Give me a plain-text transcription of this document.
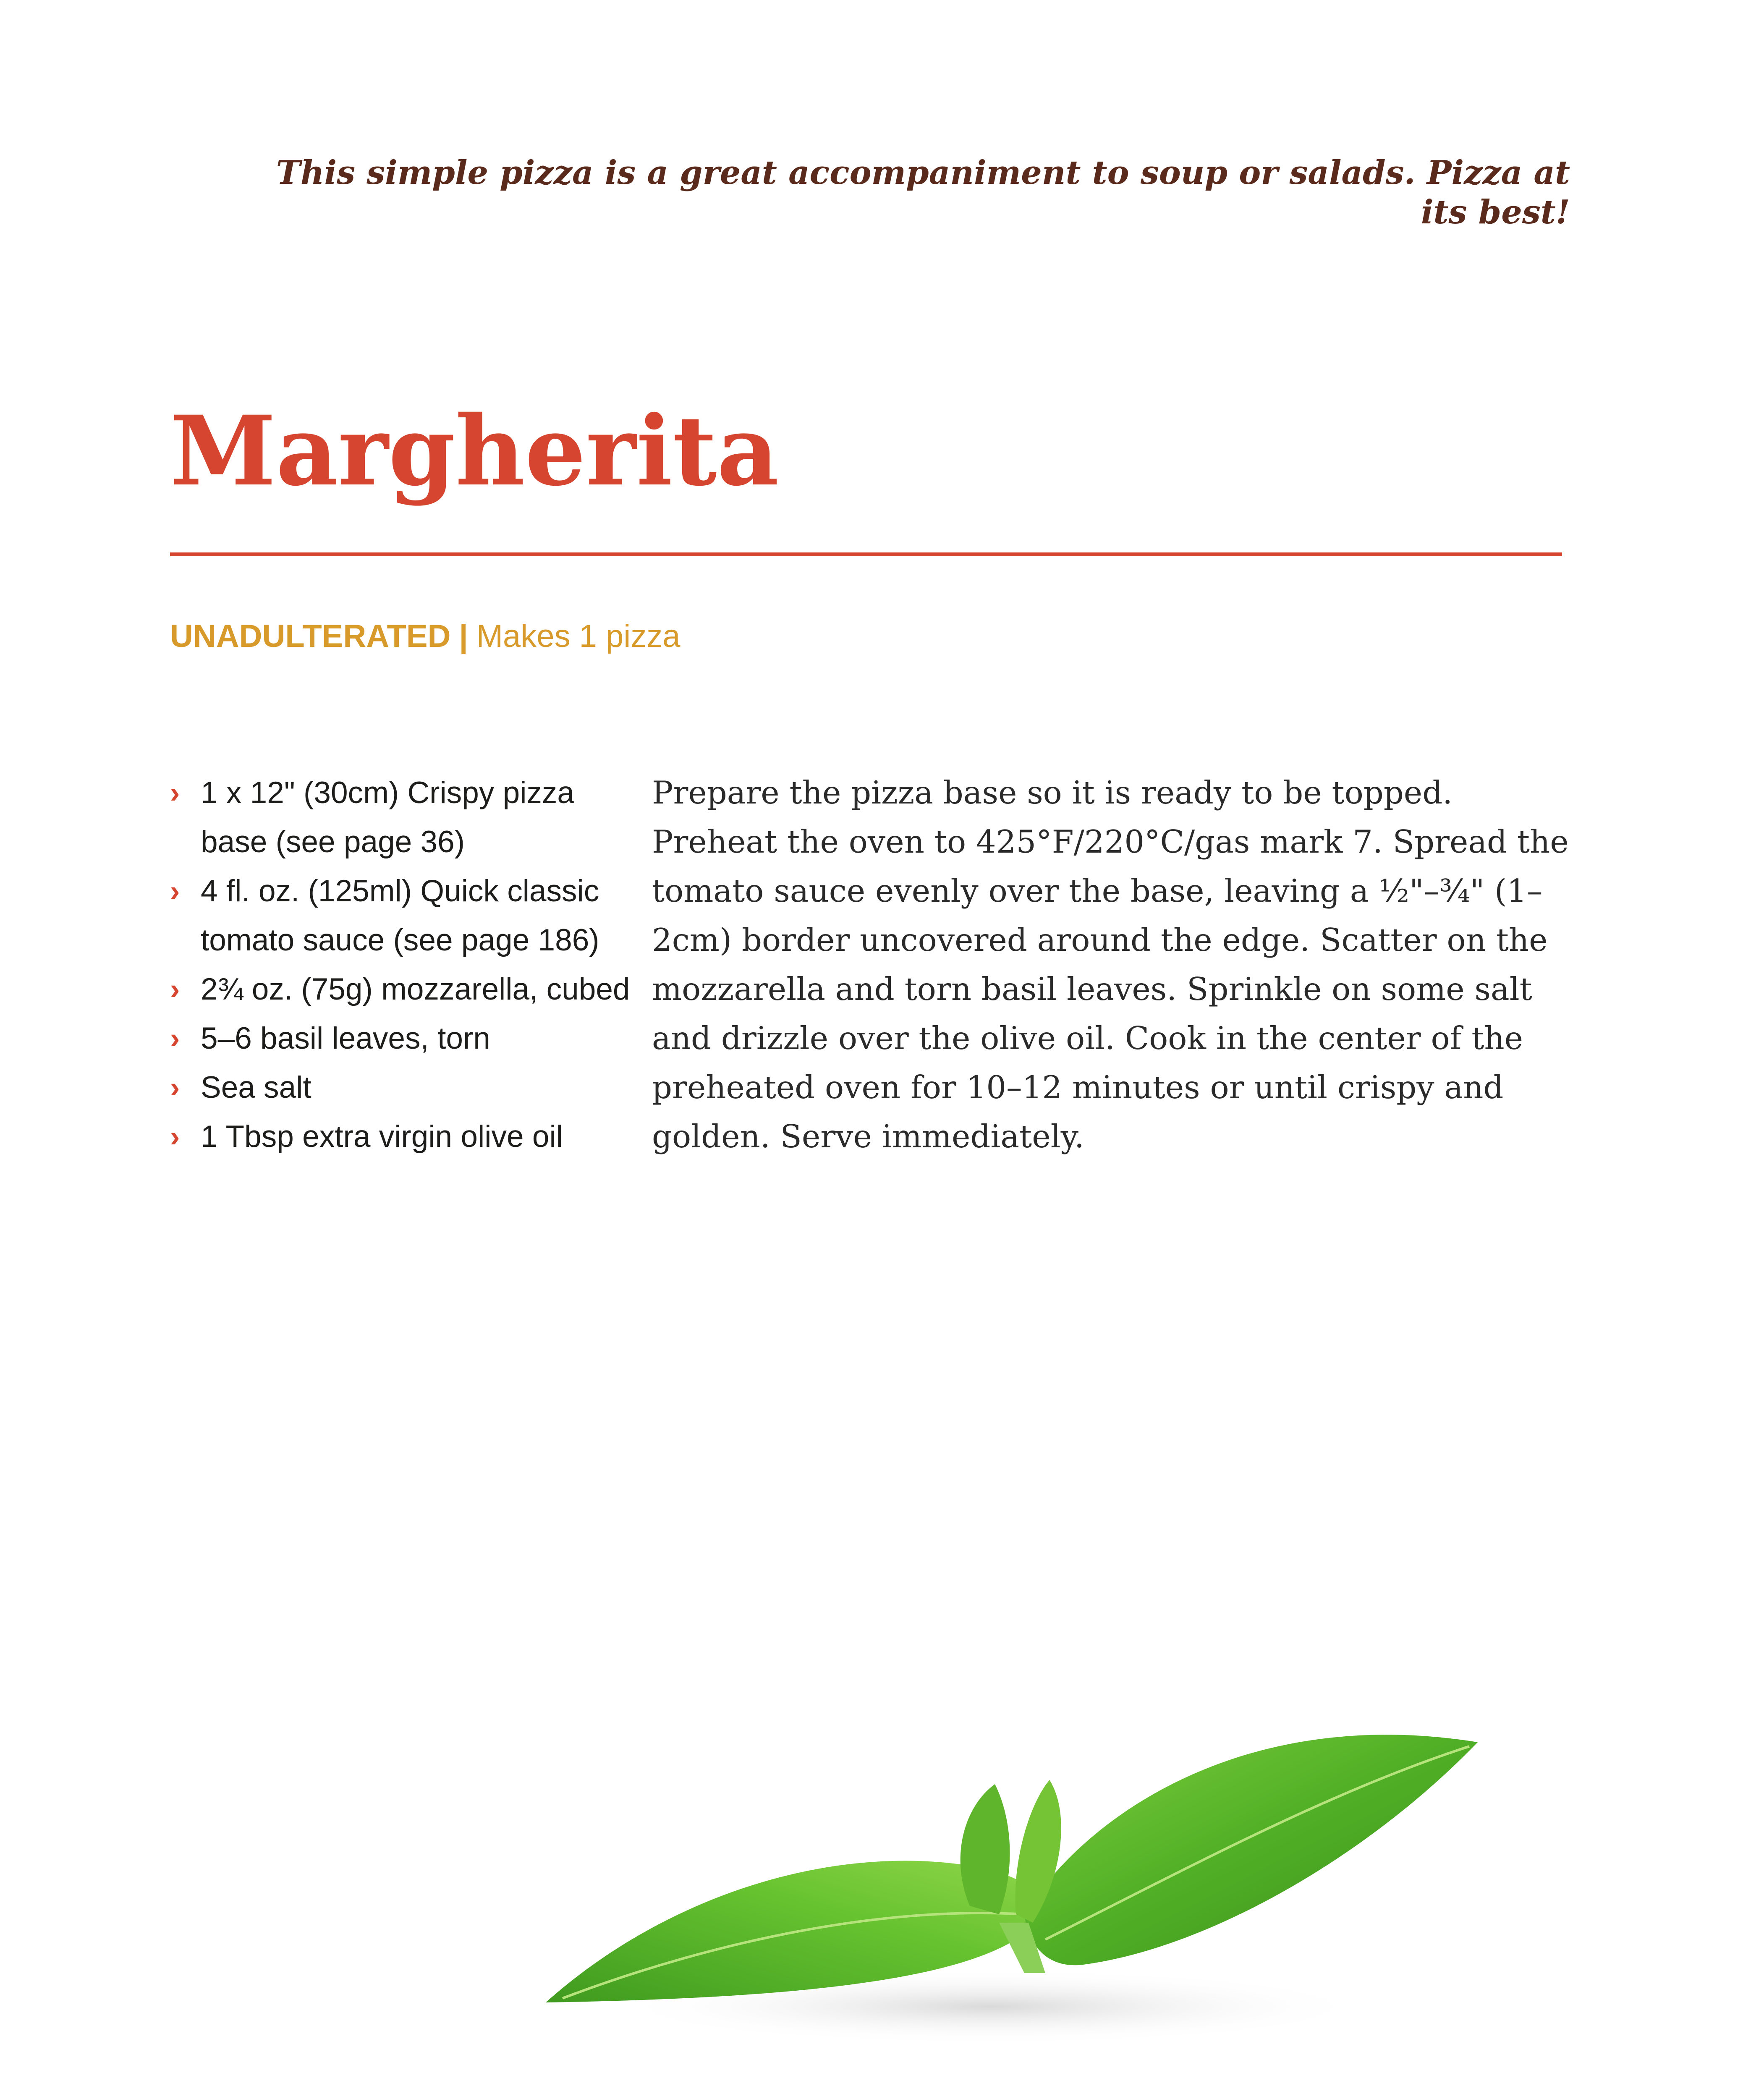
This simple pizza is a great accompaniment to soup or salads. Pizza at its best!
Margherita
UNADULTERATED | Makes 1 pizza
› 1 x 12" (30cm) Crispy pizza base (see page 36)
› 4 fl. oz. (125ml) Quick classic tomato sauce (see page 186)
› 2¾ oz. (75g) mozzarella, cubed
› 5–6 basil leaves, torn
› Sea salt
› 1 Tbsp extra virgin olive oil

Prepare the pizza base so it is ready to be topped. Preheat the oven to 425°F/220°C/gas mark 7. Spread the tomato sauce evenly over the base, leaving a ½"–¾" (1–2cm) border uncovered around the edge. Scatter on the mozzarella and torn basil leaves. Sprinkle on some salt and drizzle over the olive oil. Cook in the center of the preheated oven for 10–12 minutes or until crispy and golden. Serve immediately.
